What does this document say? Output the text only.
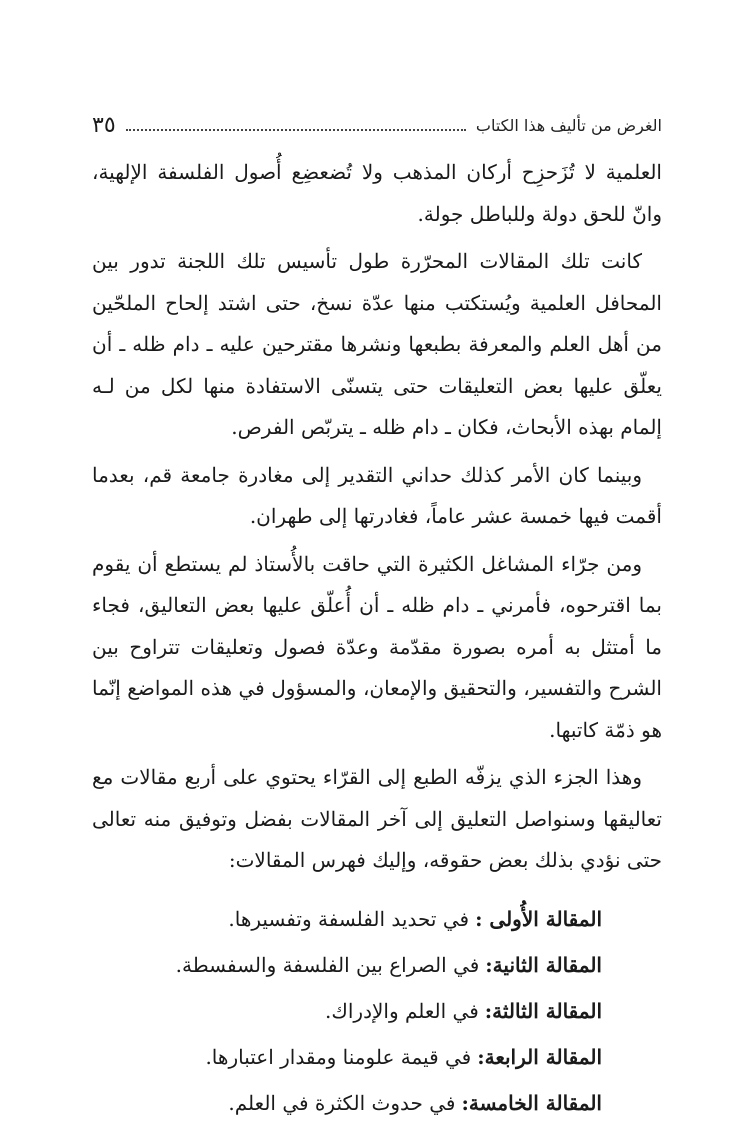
الغرض من تأليف هذا الكتاب
٣٥

العلمية لا تُزَحزِح أركان المذهب ولا تُضعضِع أُصول الفلسفة الإلهية، وانّ للحق دولة وللباطل جولة.

كانت تلك المقالات المحرّرة طول تأسيس تلك اللجنة تدور بين المحافل العلمية ويُستكتب منها عدّة نسخ، حتى اشتد إلحاح الملحّين من أهل العلم والمعرفة بطبعها ونشرها مقترحين عليه ـ دام ظله ـ أن يعلّق عليها بعض التعليقات حتى يتسنّى الاستفادة منها لكل من لـه إلمام بهذه الأبحاث، فكان ـ دام ظله ـ يتربّص الفرص.

وبينما كان الأمر كذلك حداني التقدير إلى مغادرة جامعة قم، بعدما أقمت فيها خمسة عشر عاماً، فغادرتها إلى طهران.

ومن جرّاء المشاغل الكثيرة التي حاقت بالأُستاذ لم يستطع أن يقوم بما اقترحوه، فأمرني ـ دام ظله ـ أن أُعلّق عليها بعض التعاليق، فجاء ما أمتثل به أمره بصورة مقدّمة وعدّة فصول وتعليقات تتراوح بين الشرح والتفسير، والتحقيق والإمعان، والمسؤول في هذه المواضع إنّما هو ذمّة كاتبها.

وهذا الجزء الذي يزفّه الطبع إلى القرّاء يحتوي على أربع مقالات مع تعاليقها وسنواصل التعليق إلى آخر المقالات بفضل وتوفيق منه تعالى حتى نؤدي بذلك بعض حقوقه، وإليك فهرس المقالات:

المقالة الأُولى :
في تحديد الفلسفة وتفسيرها.
المقالة الثانية:
في الصراع بين الفلسفة والسفسطة.
المقالة الثالثة:
في العلم والإدراك.
المقالة الرابعة:
في قيمة علومنا ومقدار اعتبارها.
المقالة الخامسة:
في حدوث الكثرة في العلم.
